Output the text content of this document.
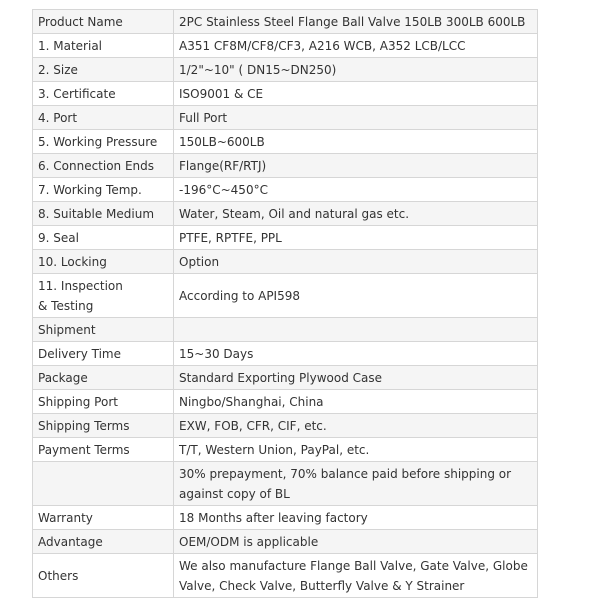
Product Name	2PC Stainless Steel Flange Ball Valve 150LB 300LB 600LB
1. Material	A351 CF8M/CF8/CF3, A216 WCB, A352 LCB/LCC
2. Size	1/2"~10" ( DN15~DN250)
3. Certificate	ISO9001 & CE
4. Port	Full Port
5. Working Pressure	150LB~600LB
6. Connection Ends	Flange(RF/RTJ)
7. Working Temp.	-196°C~450°C
8. Suitable Medium	Water, Steam, Oil and natural gas etc.
9. Seal	PTFE, RPTFE, PPL
10. Locking	Option
11. Inspection
& Testing	According to API598
Shipment	
Delivery Time	15~30 Days
Package	Standard Exporting Plywood Case
Shipping Port	Ningbo/Shanghai, China
Shipping Terms	EXW, FOB, CFR, CIF, etc.
Payment Terms	T/T, Western Union, PayPal, etc.
	30% prepayment, 70% balance paid before shipping or against copy of BL
Warranty	18 Months after leaving factory
Advantage	OEM/ODM is applicable
Others	We also manufacture Flange Ball Valve, Gate Valve, Globe Valve, Check Valve, Butterfly Valve & Y Strainer
